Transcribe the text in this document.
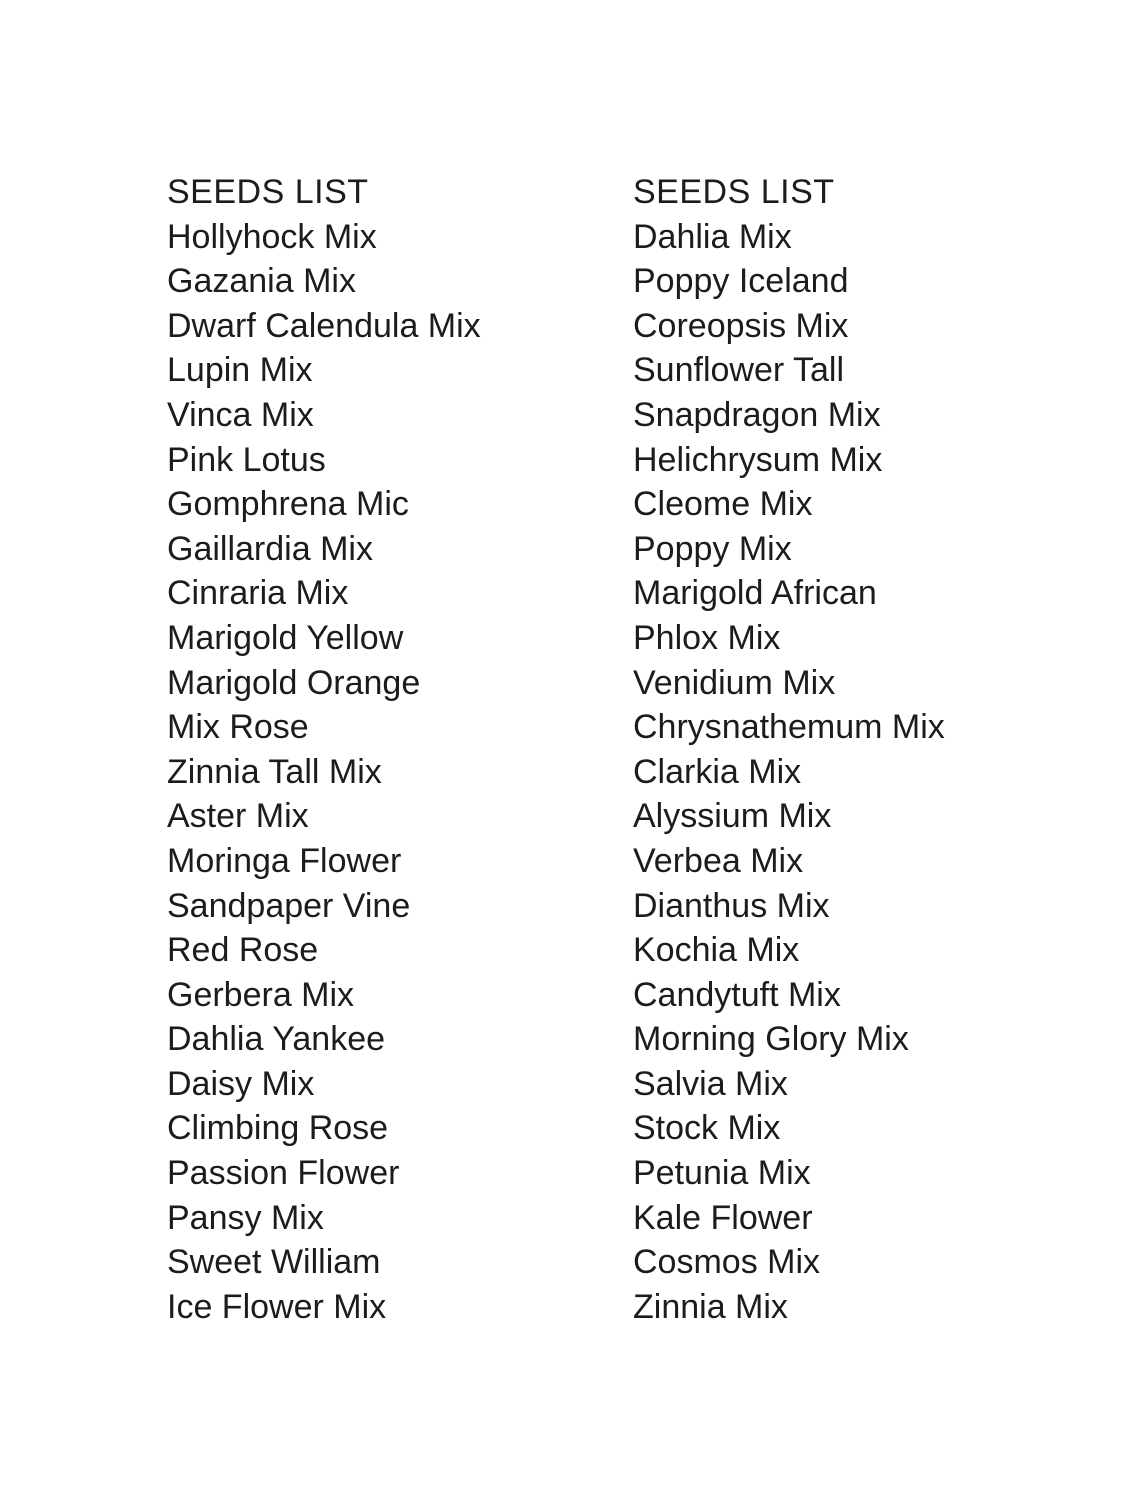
SEEDS LIST
Hollyhock Mix
Gazania Mix
Dwarf Calendula Mix
Lupin Mix
Vinca Mix
Pink Lotus
Gomphrena Mic
Gaillardia Mix
Cinraria Mix
Marigold Yellow
Marigold Orange
Mix Rose
Zinnia Tall Mix
Aster Mix
Moringa Flower
Sandpaper Vine
Red Rose
Gerbera Mix
Dahlia Yankee
Daisy Mix
Climbing Rose
Passion Flower
Pansy Mix
Sweet William
Ice Flower Mix
SEEDS LIST
Dahlia Mix
Poppy Iceland
Coreopsis Mix
Sunflower Tall
Snapdragon Mix
Helichrysum Mix
Cleome Mix
Poppy Mix
Marigold African
Phlox Mix
Venidium Mix
Chrysnathemum Mix
Clarkia Mix
Alyssium Mix
Verbea Mix
Dianthus Mix
Kochia Mix
Candytuft Mix
Morning Glory Mix
Salvia Mix
Stock Mix
Petunia Mix
Kale Flower
Cosmos Mix
Zinnia Mix
